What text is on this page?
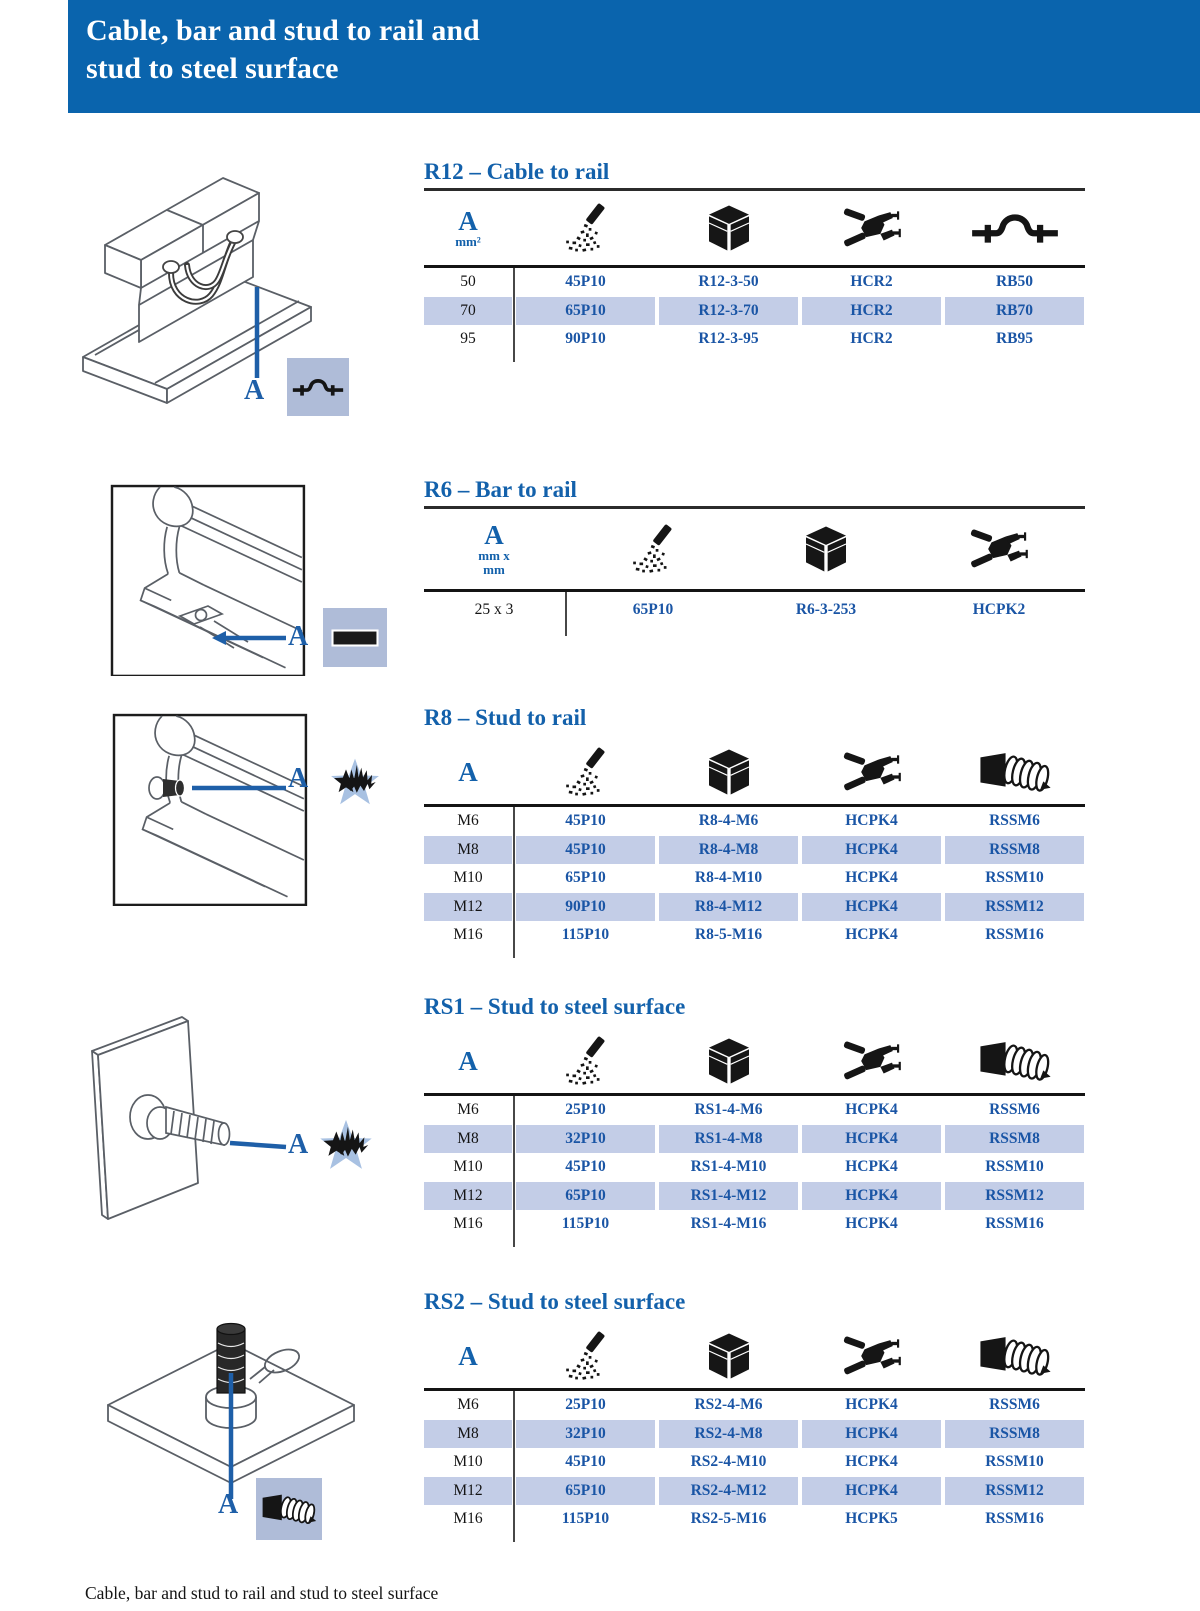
Cable, bar and stud to rail and
stud to steel surface
A
A
A
A
A
R12 – Cable to rail
A
mm²
50	45P10	R12-3-50	HCR2	RB50
70	65P10	R12-3-70	HCR2	RB70
95	90P10	R12-3-95	HCR2	RB95
R6 – Bar to rail
A
mm x
mm
25 x 3	65P10	R6-3-253	HCPK2
R8 – Stud to rail
A
M6	45P10	R8-4-M6	HCPK4	RSSM6
M8	45P10	R8-4-M8	HCPK4	RSSM8
M10	65P10	R8-4-M10	HCPK4	RSSM10
M12	90P10	R8-4-M12	HCPK4	RSSM12
M16	115P10	R8-5-M16	HCPK4	RSSM16
RS1 – Stud to steel surface
A
M6	25P10	RS1-4-M6	HCPK4	RSSM6
M8	32P10	RS1-4-M8	HCPK4	RSSM8
M10	45P10	RS1-4-M10	HCPK4	RSSM10
M12	65P10	RS1-4-M12	HCPK4	RSSM12
M16	115P10	RS1-4-M16	HCPK4	RSSM16
RS2 – Stud to steel surface
A
M6	25P10	RS2-4-M6	HCPK4	RSSM6
M8	32P10	RS2-4-M8	HCPK4	RSSM8
M10	45P10	RS2-4-M10	HCPK4	RSSM10
M12	65P10	RS2-4-M12	HCPK4	RSSM12
M16	115P10	RS2-5-M16	HCPK5	RSSM16
Cable, bar and stud to rail and stud to steel surface
